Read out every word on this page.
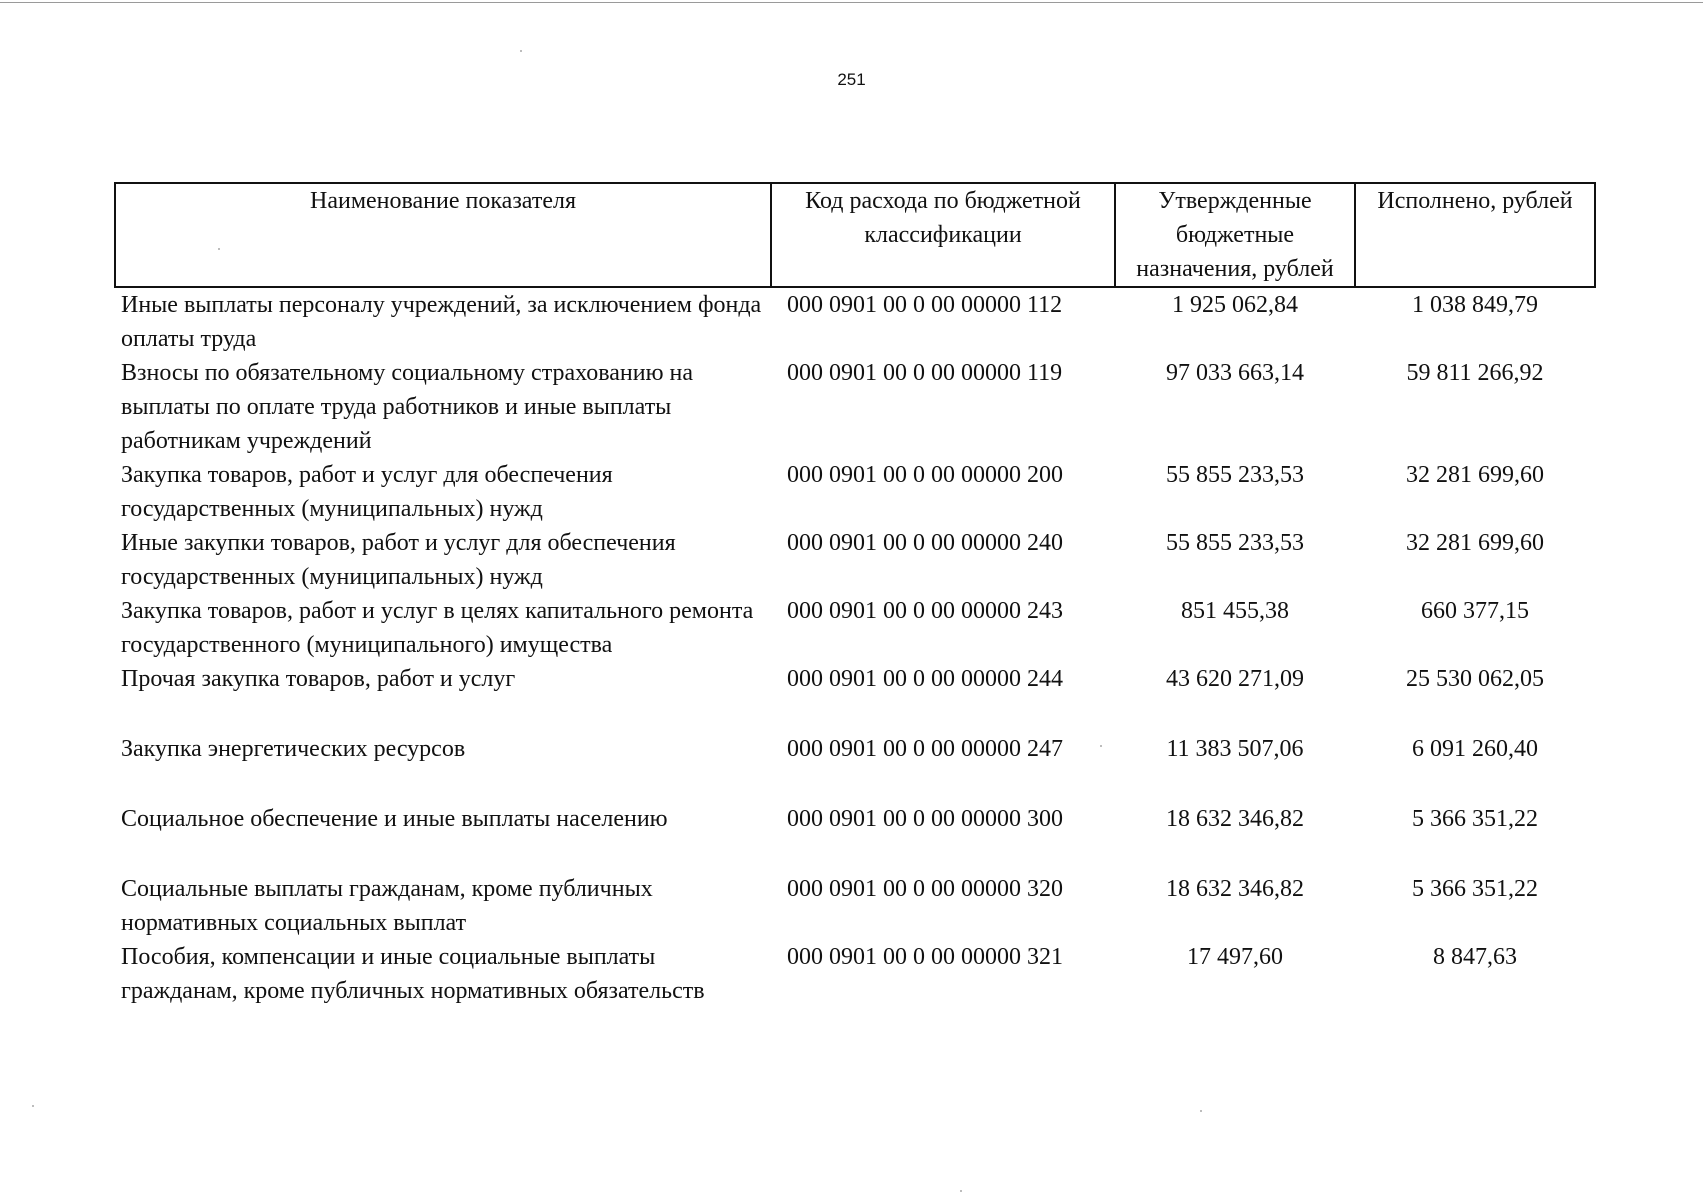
251
Наименование показателя	Код расхода по бюджетной классификации	Утвержденные бюджетные назначения, рублей	Исполнено, рублей
Иные выплаты персоналу учреждений, за исключением фонда оплаты труда	000 0901 00 0 00 00000 112	1 925 062,84	1 038 849,79
Взносы по обязательному социальному страхованию на выплаты по оплате труда работников и иные выплаты работникам учреждений	000 0901 00 0 00 00000 119	97 033 663,14	59 811 266,92
Закупка товаров, работ и услуг для обеспечения государственных (муниципальных) нужд	000 0901 00 0 00 00000 200	55 855 233,53	32 281 699,60
Иные закупки товаров, работ и услуг для обеспечения государственных (муниципальных) нужд	000 0901 00 0 00 00000 240	55 855 233,53	32 281 699,60
Закупка товаров, работ и услуг в целях капитального ремонта государственного (муниципального) имущества	000 0901 00 0 00 00000 243	851 455,38	660 377,15
Прочая закупка товаров, работ и услуг	000 0901 00 0 00 00000 244	43 620 271,09	25 530 062,05
Закупка энергетических ресурсов	000 0901 00 0 00 00000 247	11 383 507,06	6 091 260,40
Социальное обеспечение и иные выплаты населению	000 0901 00 0 00 00000 300	18 632 346,82	5 366 351,22
Социальные выплаты гражданам, кроме публичных нормативных социальных выплат	000 0901 00 0 00 00000 320	18 632 346,82	5 366 351,22
Пособия, компенсации и иные социальные выплаты гражданам, кроме публичных нормативных обязательств	000 0901 00 0 00 00000 321	17 497,60	8 847,63
